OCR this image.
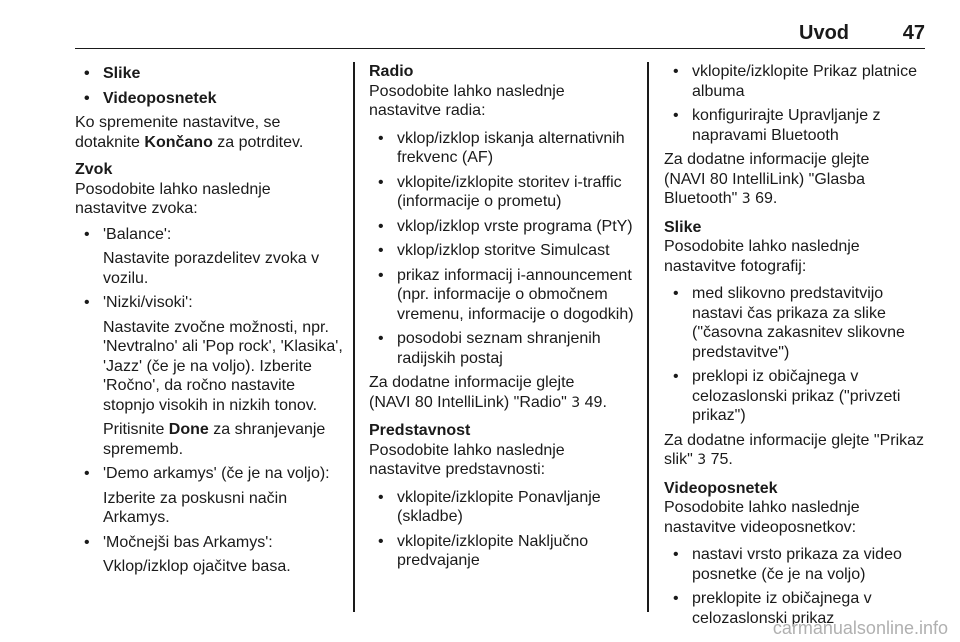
Uvod	47

• Slike

• Videoposnetek

Ko spremenite nastavitve, se

dotaknite Končano za potrditev.

Zvok

Posodobite lahko naslednje nastavitve zvoka:

• 'Balance':

Nastavite porazdelitev zvoka v vozilu.

• 'Nizki/visoki':

Nastavite zvočne možnosti, npr. 'Nevtralno' ali 'Pop rock', 'Klasika', 'Jazz' (če je na voljo). Izberite 'Ročno', da ročno nastavite stopnjo visokih in nizkih tonov.

Pritisnite Done za shranjevanje sprememb.

• 'Demo arkamys' (če je na voljo):

Izberite za poskusni način Arkamys.

• 'Močnejši bas Arkamys':

Vklop/izklop ojačitve basa.

Radio

Posodobite lahko naslednje nastavitve radia:

• vklop/izklop iskanja alternativnih frekvenc (AF)

• vklopite/izklopite storitev i-traffic (informacije o prometu)

• vklop/izklop vrste programa (PtY)

• vklop/izklop storitve Simulcast

• prikaz informacij i-announcement (npr. informacije o območnem vremenu, informacije o dogodkih)

• posodobi seznam shranjenih radijskih postaj

Za dodatne informacije glejte

(NAVI 80 IntelliLink) "Radio" 3 49.

Predstavnost

Posodobite lahko naslednje nastavitve predstavnosti:

• vklopite/izklopite Ponavljanje (skladbe)

• vklopite/izklopite Naključno predvajanje

• vklopite/izklopite Prikaz platnice albuma

• konfigurirajte Upravljanje z napravami Bluetooth

Za dodatne informacije glejte

(NAVI 80 IntelliLink) "Glasba

Bluetooth" 3 69.

Slike

Posodobite lahko naslednje nastavitve fotografij:

• med slikovno predstavitvijo nastavi čas prikaza za slike ("časovna zakasnitev slikovne predstavitve")

• preklopi iz običajnega v celozaslonski prikaz ("privzeti prikaz")

Za dodatne informacije glejte "Prikaz

slik" 3 75.

Videoposnetek

Posodobite lahko naslednje nastavitve videoposnetkov:

• nastavi vrsto prikaza za video posnetke (če je na voljo)

• preklopite iz običajnega v celozaslonski prikaz

carmanualsonline.info
